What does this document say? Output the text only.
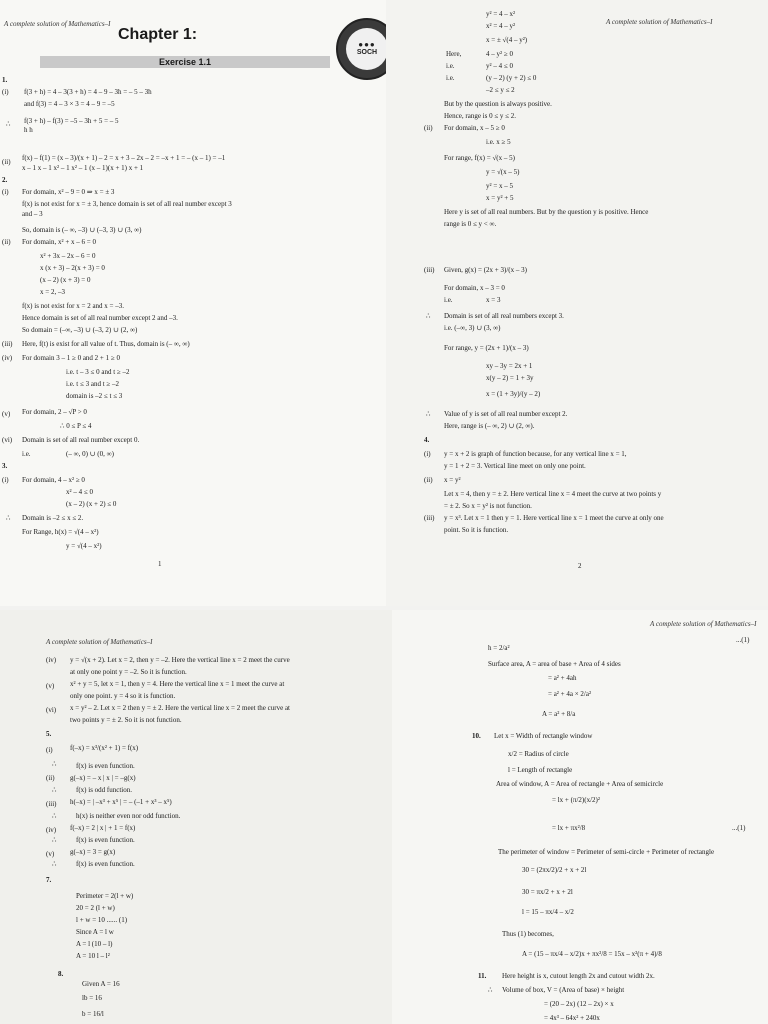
A complete solution of Mathematics–I
Chapter 1:
Exercise 1.1
1.
(i) f(3 + h) = 4 – 3(3 + h) = 4 – 9 – 3h = – 5 – 3h
and f(3) = 4 – 3 × 3 = 4 – 9 = –5
∴ f(3 + h) – f(3) = –5 – 3h + 5 = – 5
h h
(ii) f(x) – f(1) = (x – 3)/(x + 1) – 2 = x + 3 – 2x – 2 = –x + 1 = – (x – 1) = –1
x – 1 x – 1 x² – 1 x² – 1 (x – 1)(x + 1) x + 1
2.
(i) For domain, x² – 9 = 0 ⇒ x = ± 3
f(x) is not exist for x = ± 3, hence domain is set of all real number except 3
and – 3
So, domain is (– ∞, –3) ∪ (–3, 3) ∪ (3, ∞)
(ii) For domain, x² + x – 6 = 0
x² + 3x – 2x – 6 = 0
x (x + 3) – 2(x + 3) = 0
(x – 2) (x + 3) = 0
x = 2, –3
f(x) is not exist for x = 2 and x = –3.
Hence domain is set of all real number except 2 and –3.
So domain = (–∞, –3) ∪ (–3, 2) ∪ (2, ∞)
(iii) Here, f(t) is exist for all value of t. Thus, domain is (– ∞, ∞)
(iv) For domain 3 – 1 ≥ 0 and 2 + 1 ≥ 0
i.e. t – 3 ≤ 0 and t ≥ –2
i.e. t ≤ 3 and t ≥ –2
domain is –2 ≤ t ≤ 3
(v) For domain, 2 – √P > 0
∴ 0 ≤ P ≤ 4
(vi) Domain is set of all real number except 0.
i.e.	(– ∞, 0) ∪ (0, ∞)
3.
(i) For domain, 4 – x² ≥ 0
x² – 4 ≤ 0
(x – 2) (x + 2) ≤ 0
∴ Domain is –2 ≤ x ≤ 2.
For Range, h(x) = √(4 – x²)
y = √(4 – x²)
1
●●●
SOCH
A complete solution of Mathematics–I
y² = 4 – x²
x² = 4 – y²
x = ± √(4 – y²)
Here,	4 – y² ≥ 0
i.e.	y² – 4 ≤ 0
i.e.	(y – 2) (y + 2) ≤ 0
–2 ≤ y ≤ 2
But by the question is always positive.
Hence, range is 0 ≤ y ≤ 2.
(ii) For domain, x – 5 ≥ 0
i.e. x ≥ 5
For range, f(x) = √(x – 5)
y = √(x – 5)
y² = x – 5
x = y² + 5
Here y is set of all real numbers. But by the question y is positive. Hence
range is 0 ≤ y < ∞.
(iii) Given, g(x) = (2x + 3)/(x – 3)
For domain, x – 3 = 0
i.e.	x = 3
∴ Domain is set of all real numbers except 3.
i.e. (–∞, 3) ∪ (3, ∞)
For range, y = (2x + 1)/(x – 3)
xy – 3y = 2x + 1
x(y – 2) = 1 + 3y
x = (1 + 3y)/(y – 2)
∴ Value of y is set of all real number except 2.
Here, range is (– ∞, 2) ∪ (2, ∞).
4.
(i) y = x + 2 is graph of function because, for any vertical line x = 1,
y = 1 + 2 = 3. Vertical line meet on only one point.
(ii) x = y²
Let x = 4, then y = ± 2. Here vertical line x = 4 meet the curve at two points y
= ± 2. So x = y² is not function.
(iii) y = x³. Let x = 1 then y = 1. Here vertical line x = 1 meet the curve at only one
point. So it is function.
2
A complete solution of Mathematics–I
(iv) y = √(x + 2). Let x = 2, then y = –2. Here the vertical line x = 2 meet the curve
at only one point y = –2. So it is function.
(v) x² + y = 5, let x = 1, then y = 4. Here the vertical line x = 1 meet the curve at
only one point. y = 4 so it is function.
(vi) x = y² – 2. Let x = 2 then y = ± 2. Here the vertical line x = 2 meet the curve at
two points y = ± 2. So it is not function.
5.
(i) f(–x) = x³/(x² + 1) = f(x)
∴	f(x) is even function.
(ii) g(–x) = – x | x | = –g(x)
∴	f(x) is odd function.
(iii) h(–x) = | –x³ + x⁵ | = – (–1 + x³ – x⁵)
∴	h(x) is neither even nor odd function.
(iv) f(–x) = 2 | x | + 1 = f(x)
∴	f(x) is even function.
(v) g(–x) = 3 = g(x)
∴	f(x) is even function.
7.
Perimeter = 2(l + w)
20 = 2 (l + w)
l + w = 10 ...... (1)
Since A = l w
A = l (10 – l)
A = 10 l – l²
8.
Given A = 16
lb = 16
b = 16/l
A complete solution of Mathematics–I
h = 2/a²
...(1)
Surface area, A = area of base + Area of 4 sides
= a² + 4ah
= a² + 4a × 2/a²
A = a² + 8/a
10. Let x = Width of rectangle window
x/2 = Radius of circle
l = Length of rectangle
Area of window, A = Area of rectangle + Area of semicircle
= lx + (π/2)(x/2)²
= lx + πx²/8	...(1)
The perimeter of window = Perimeter of semi-circle + Perimeter of rectangle
30 = (2πx/2)/2 + x + 2l
30 = πx/2 + x + 2l
l = 15 – πx/4 – x/2
Thus (1) becomes,
A = (15 – πx/4 – x/2)x + πx²/8 = 15x – x²(π + 4)/8
11. Here height is x, cutout length 2x and cutout width 2x.
∴ Volume of box, V = (Area of base) × height
= (20 – 2x) (12 – 2x) × x
= 4x³ – 64x² + 240x
